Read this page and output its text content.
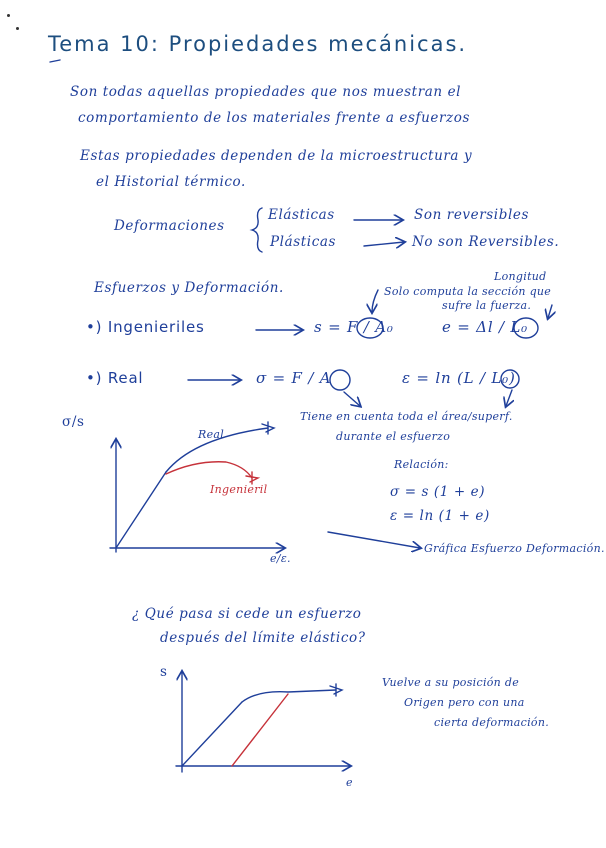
Tema 10: Propiedades mecánicas.
Son todas aquellas propiedades que nos muestran el
comportamiento de los materiales frente a esfuerzos
Estas propiedades dependen de la microestructura y
el Historial térmico.
Deformaciones
Elásticas	Son reversibles
Plásticas	No son Reversibles.
Esfuerzos y Deformación.
Longitud
Solo computa la sección que
sufre la fuerza.
•) Ingenieriles	s = F / A₀	e = Δl / L₀
•) Real	σ = F / A	ε = ln (L / L₀)
Tiene en cuenta toda el área/superf.
durante el esfuerzo
σ/s
e/ε.
Real
Ingenieril
Relación:
σ = s (1 + e)
ε = ln (1 + e)
Gráfica Esfuerzo Deformación.
¿ Qué pasa si cede un esfuerzo
después del límite elástico?
s
e
Vuelve a su posición de
Origen pero con una
cierta deformación.
